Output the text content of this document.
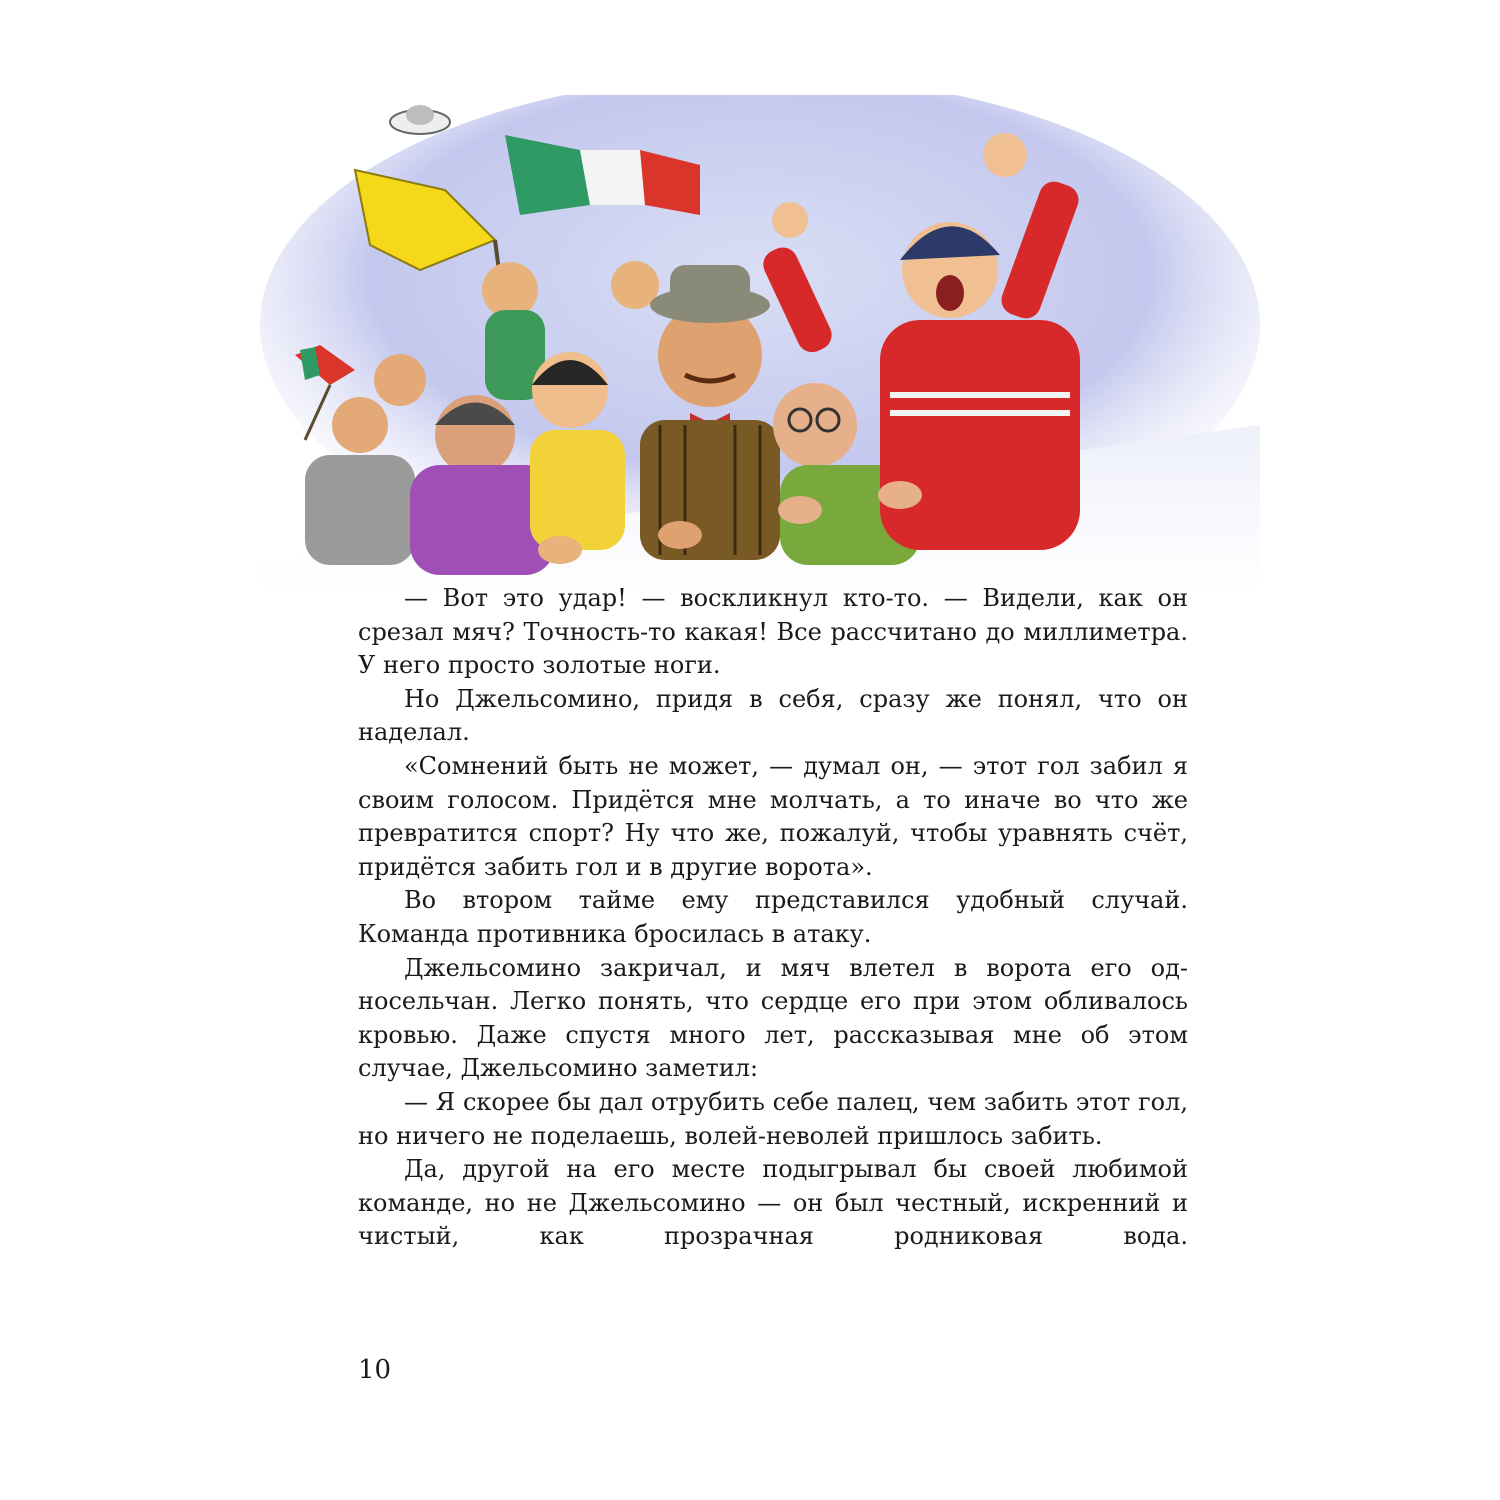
— Вот это удар! — воскликнул кто-то. — Видели, как он срезал мяч? Точность-то какая! Все рассчитано до миллиметра. У него просто золотые ноги.

Но Джельсомино, придя в себя, сразу же понял, что он наделал.

«Сомнений быть не может, — думал он, — этот гол забил я своим голосом. Придётся мне молчать, а то иначе во что же превратится спорт? Ну что же, пожалуй, чтобы уравнять счёт, придётся забить гол и в другие ворота».

Во втором тайме ему представился удобный случай. Команда противника бросилась в атаку.

Джельсомино закричал, и мяч влетел в ворота его односельчан. Легко понять, что сердце его при этом обливалось кровью. Даже спустя много лет, рассказывая мне об этом случае, Джельсомино заметил:

— Я скорее бы дал отрубить себе палец, чем забить этот гол, но ничего не поделаешь, волей-неволей пришлось забить.

Да, другой на его месте подыгрывал бы своей любимой команде, но не Джельсомино — он был честный, искренний и чистый, как прозрачная родниковая вода.

10
